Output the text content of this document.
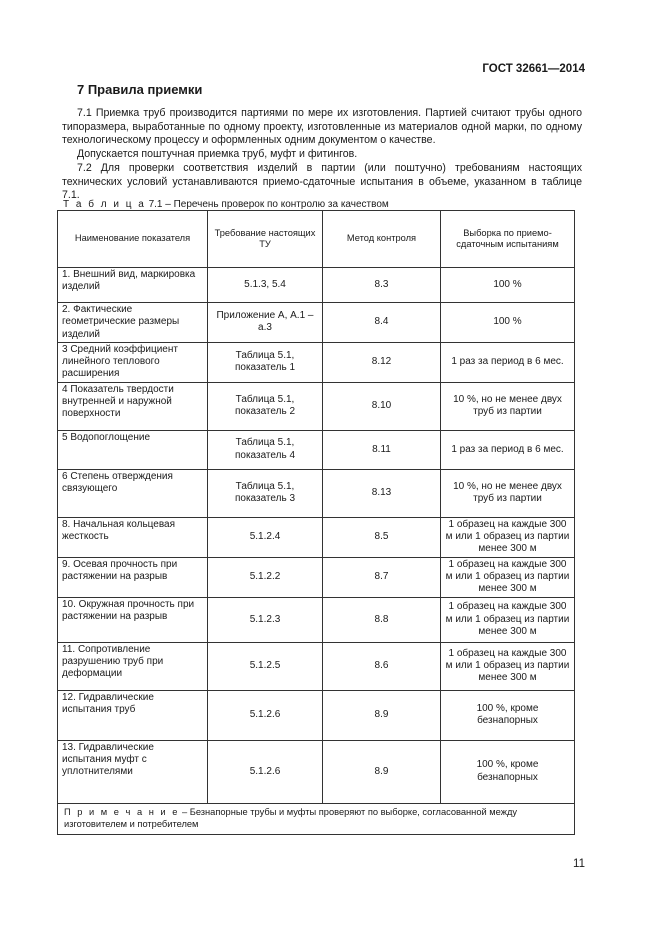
ГОСТ 32661—2014
7 Правила приемки

7.1 Приемка труб производится партиями по мере их изготовления. Партией считают трубы одного типоразмера, выработанные по одному проекту, изготовленные из материалов одной марки, по одному технологическому процессу и оформленных одним документом о качестве.

Допускается поштучная приемка труб, муфт и фитингов.

7.2 Для проверки соответствия изделий в партии (или поштучно) требованиям настоящих технических условий устанавливаются приемо-сдаточные испытания в объеме, указанном в таблице 7.1.

Т а б л и ц а 7.1 – Перечень проверок по контролю за качеством
Наименование показателя	Требование настоящих ТУ	Метод контроля	Выборка по приемо-сдаточным испытаниям
1. Внешний вид, маркировка изделий	5.1.3, 5.4	8.3	100 %
2. Фактические геометрические размеры изделий	Приложение А, А.1 – а.3	8.4	100 %
3 Средний коэффициент линейного теплового расширения	Таблица 5.1, показатель 1	8.12	1 раз за период в 6 мес.
4 Показатель твердости внутренней и наружной поверхности	Таблица 5.1, показатель 2	8.10	10 %, но не менее двух труб из партии
5 Водопоглощение	Таблица 5.1, показатель 4	8.11	1 раз за период в 6 мес.
6 Степень отверждения связующего	Таблица 5.1, показатель 3	8.13	10 %, но не менее двух труб из партии
8. Начальная кольцевая жесткость	5.1.2.4	8.5	1 образец на каждые 300 м или 1 образец из партии менее 300 м
9. Осевая прочность при растяжении на разрыв	5.1.2.2	8.7	1 образец на каждые 300 м или 1 образец из партии менее 300 м
10. Окружная прочность при растяжении на разрыв	5.1.2.3	8.8	1 образец на каждые 300 м или 1 образец из партии менее 300 м
11. Сопротивление разрушению труб при деформации	5.1.2.5	8.6	1 образец на каждые 300 м или 1 образец из партии менее 300 м
12. Гидравлические испытания труб	5.1.2.6	8.9	100 %, кроме безнапорных
13. Гидравлические испытания муфт с уплотнителями	5.1.2.6	8.9	100 %, кроме безнапорных
П р и м е ч а н и е – Безнапорные трубы и муфты проверяют по выборке, согласованной между изготовителем и потребителем			
11
